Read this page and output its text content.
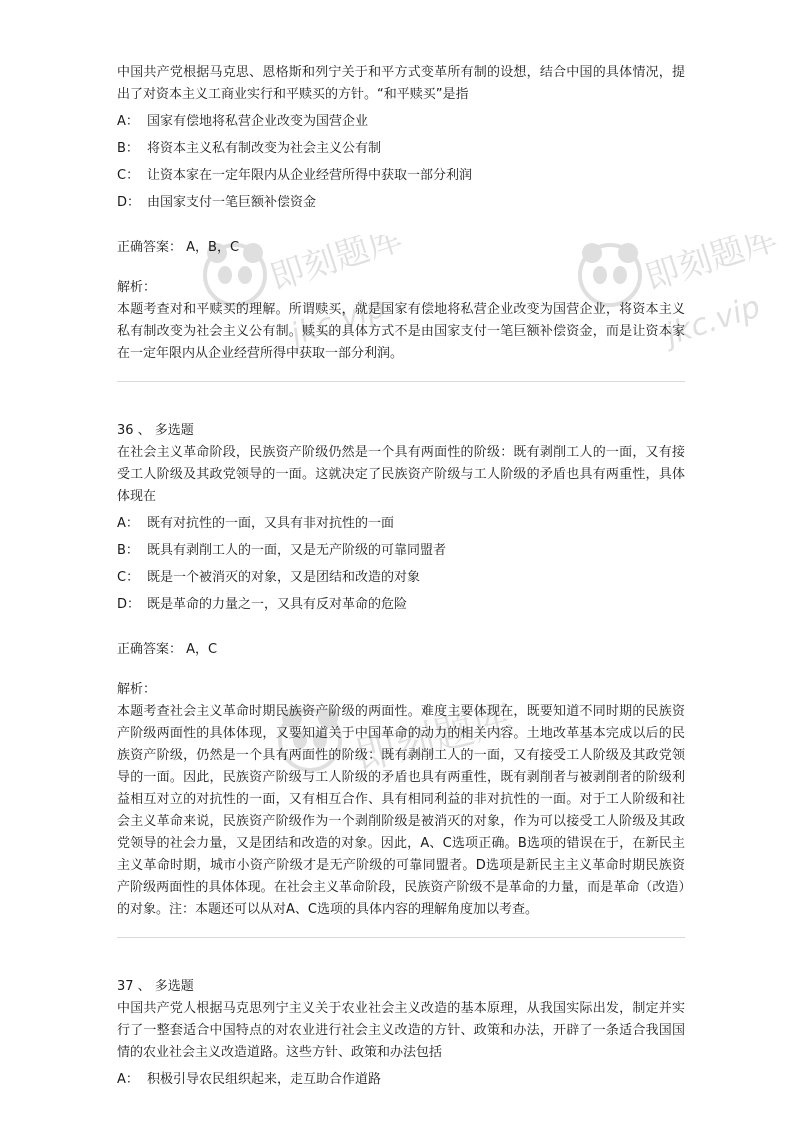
即刻题库
jkc.vip
即刻题库
jkc.vip
即刻题库

中国共产党根据马克思、恩格斯和列宁关于和平方式变革所有制的设想，结合中国的具体情况，提出了对资本主义工商业实行和平赎买的方针。“和平赎买”是指

A： 国家有偿地将私营企业改变为国营企业

B： 将资本主义私有制改变为社会主义公有制

C： 让资本家在一定年限内从企业经营所得中获取一部分利润

D： 由国家支付一笔巨额补偿资金

正确答案： A，B，C

解析：

本题考查对和平赎买的理解。所谓赎买，就是国家有偿地将私营企业改变为国营企业，将资本主义私有制改变为社会主义公有制。赎买的具体方式不是由国家支付一笔巨额补偿资金，而是让资本家在一定年限内从企业经营所得中获取一部分利润。

36 、 多选题

在社会主义革命阶段，民族资产阶级仍然是一个具有两面性的阶级：既有剥削工人的一面，又有接受工人阶级及其政党领导的一面。这就决定了民族资产阶级与工人阶级的矛盾也具有两重性，具体体现在

A： 既有对抗性的一面，又具有非对抗性的一面

B： 既具有剥削工人的一面，又是无产阶级的可靠同盟者

C： 既是一个被消灭的对象，又是团结和改造的对象

D： 既是革命的力量之一，又具有反对革命的危险

正确答案： A，C

解析：

本题考查社会主义革命时期民族资产阶级的两面性。难度主要体现在，既要知道不同时期的民族资产阶级两面性的具体体现，又要知道关于中国革命的动力的相关内容。土地改革基本完成以后的民族资产阶级，仍然是一个具有两面性的阶级：既有剥削工人的一面，又有接受工人阶级及其政党领导的一面。因此，民族资产阶级与工人阶级的矛盾也具有两重性，既有剥削者与被剥削者的阶级利益相互对立的对抗性的一面，又有相互合作、具有相同利益的非对抗性的一面。对于工人阶级和社会主义革命来说，民族资产阶级作为一个剥削阶级是被消灭的对象，作为可以接受工人阶级及其政党领导的社会力量，又是团结和改造的对象。因此，A、C选项正确。B选项的错误在于，在新民主主义革命时期，城市小资产阶级才是无产阶级的可靠同盟者。D选项是新民主主义革命时期民族资产阶级两面性的具体体现。在社会主义革命阶段，民族资产阶级不是革命的力量，而是革命（改造）的对象。注：本题还可以从对A、C选项的具体内容的理解角度加以考查。

37 、 多选题

中国共产党人根据马克思列宁主义关于农业社会主义改造的基本原理，从我国实际出发，制定并实行了一整套适合中国特点的对农业进行社会主义改造的方针、政策和办法，开辟了一条适合我国国情的农业社会主义改造道路。这些方针、政策和办法包括

A： 积极引导农民组织起来，走互助合作道路
